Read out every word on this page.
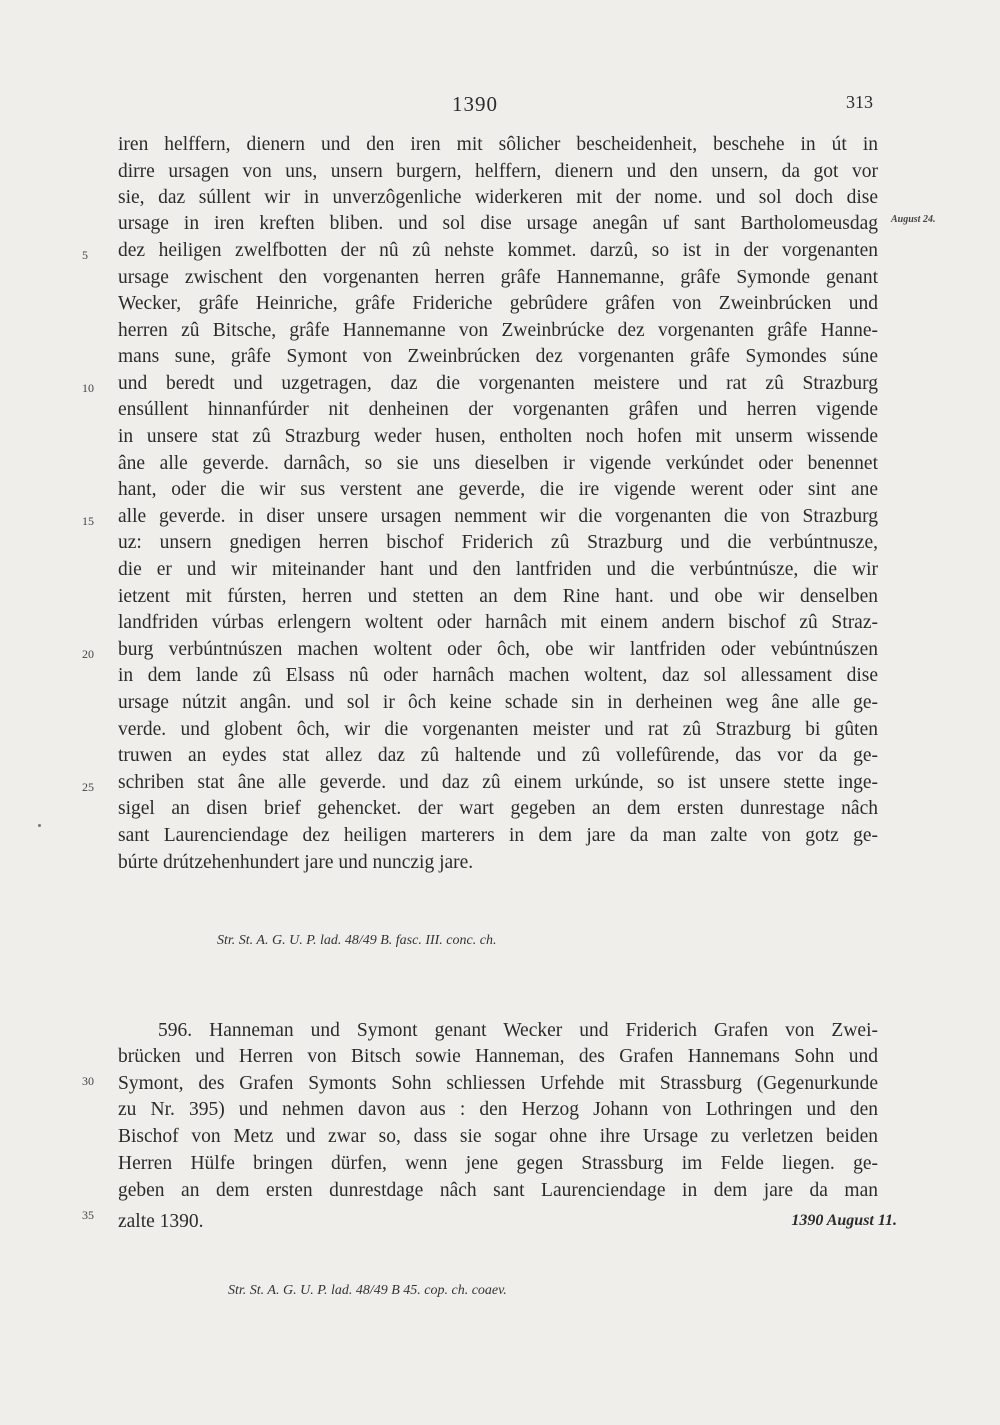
1390	313
August 24.
iren helffern, dienern und den iren mit sôlicher bescheidenheit, beschehe in út in
dirre ursagen von uns, unsern burgern, helffern, dienern und den unsern, da got vor
sie, daz súllent wir in unverzôgenliche widerkeren mit der nome. und sol doch dise
ursage in iren kreften bliben. und sol dise ursage anegân uf sant Bartholomeusdag
dez heiligen zwelfbotten der nû zû nehste kommet. darzû, so ist in der vorgenanten
ursage zwischent den vorgenanten herren grâfe Hannemanne, grâfe Symonde genant
Wecker, grâfe Heinriche, grâfe Frideriche gebrûdere grâfen von Zweinbrúcken und
herren zû Bitsche, grâfe Hannemanne von Zweinbrúcke dez vorgenanten grâfe Hanne-
mans sune, grâfe Symont von Zweinbrúcken dez vorgenanten grâfe Symondes súne
und beredt und uzgetragen, daz die vorgenanten meistere und rat zû Strazburg
ensúllent hinnanfúrder nit denheinen der vorgenanten grâfen und herren vigende
in unsere stat zû Strazburg weder husen, entholten noch hofen mit unserm wissende
âne alle geverde. darnâch, so sie uns dieselben ir vigende verkúndet oder benennet
hant, oder die wir sus verstent ane geverde, die ire vigende werent oder sint ane
alle geverde. in diser unsere ursagen nemment wir die vorgenanten die von Strazburg
uz: unsern gnedigen herren bischof Friderich zû Strazburg und die verbúntnusze,
die er und wir miteinander hant und den lantfriden und die verbúntnúsze, die wir
ietzent mit fúrsten, herren und stetten an dem Rine hant. und obe wir denselben
landfriden vúrbas erlengern woltent oder harnâch mit einem andern bischof zû Straz-
burg verbúntnúszen machen woltent oder ôch, obe wir lantfriden oder vebúntnúszen
in dem lande zû Elsass nû oder harnâch machen woltent, daz sol allessament dise
ursage nútzit angân. und sol ir ôch keine schade sin in derheinen weg âne alle ge-
verde. und globent ôch, wir die vorgenanten meister und rat zû Strazburg bi gûten
truwen an eydes stat allez daz zû haltende und zû vollefûrende, das vor da ge-
schriben stat âne alle geverde. und daz zû einem urkúnde, so ist unsere stette inge-
sigel an disen brief gehencket. der wart gegeben an dem ersten dunrestage nâch
sant Laurenciendage dez heiligen marterers in dem jare da man zalte von gotz ge-
búrte drútzehenhundert jare und nunczig jare.
5
10
15
20
25
30
35
Str. St. A. G. U. P. lad. 48/49 B. fasc. III. conc. ch.
596. Hanneman und Symont genant Wecker und Friderich Grafen von Zwei-
brücken und Herren von Bitsch sowie Hanneman, des Grafen Hannemans Sohn und
Symont, des Grafen Symonts Sohn schliessen Urfehde mit Strassburg (Gegenurkunde
zu Nr. 395) und nehmen davon aus : den Herzog Johann von Lothringen und den
Bischof von Metz und zwar so, dass sie sogar ohne ihre Ursage zu verletzen beiden
Herren Hülfe bringen dürfen, wenn jene gegen Strassburg im Felde liegen. ge-
geben an dem ersten dunrestdage nâch sant Laurenciendage in dem jare da man
zalte 1390.	1390 August 11.
Str. St. A. G. U. P. lad. 48/49 B 45. cop. ch. coaev.
